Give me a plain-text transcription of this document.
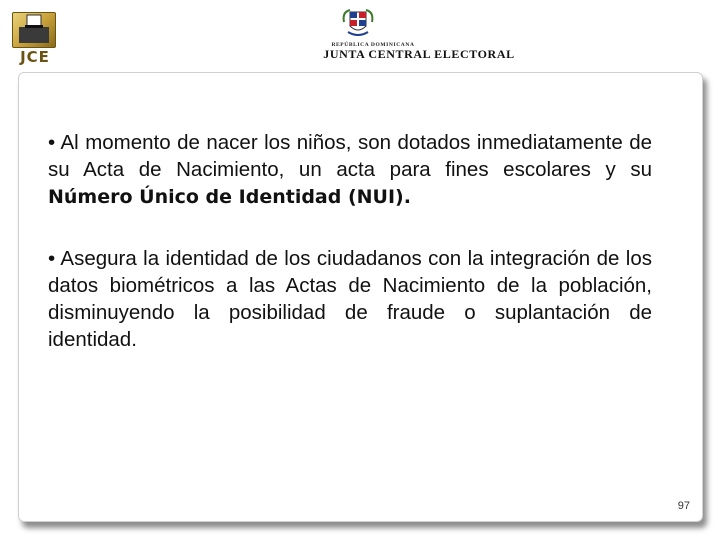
JCE
REPÚBLICA DOMINICANA
JUNTA CENTRAL ELECTORAL
• Al momento de nacer los niños, son dotados inmediatamente de su Acta de Nacimiento, un acta para fines escolares y su Número Único de Identidad (NUI).
• Asegura la identidad de los ciudadanos con la integración de los datos biométricos a las Actas de Nacimiento de la población, disminuyendo la posibilidad de fraude o suplantación de identidad.
97
